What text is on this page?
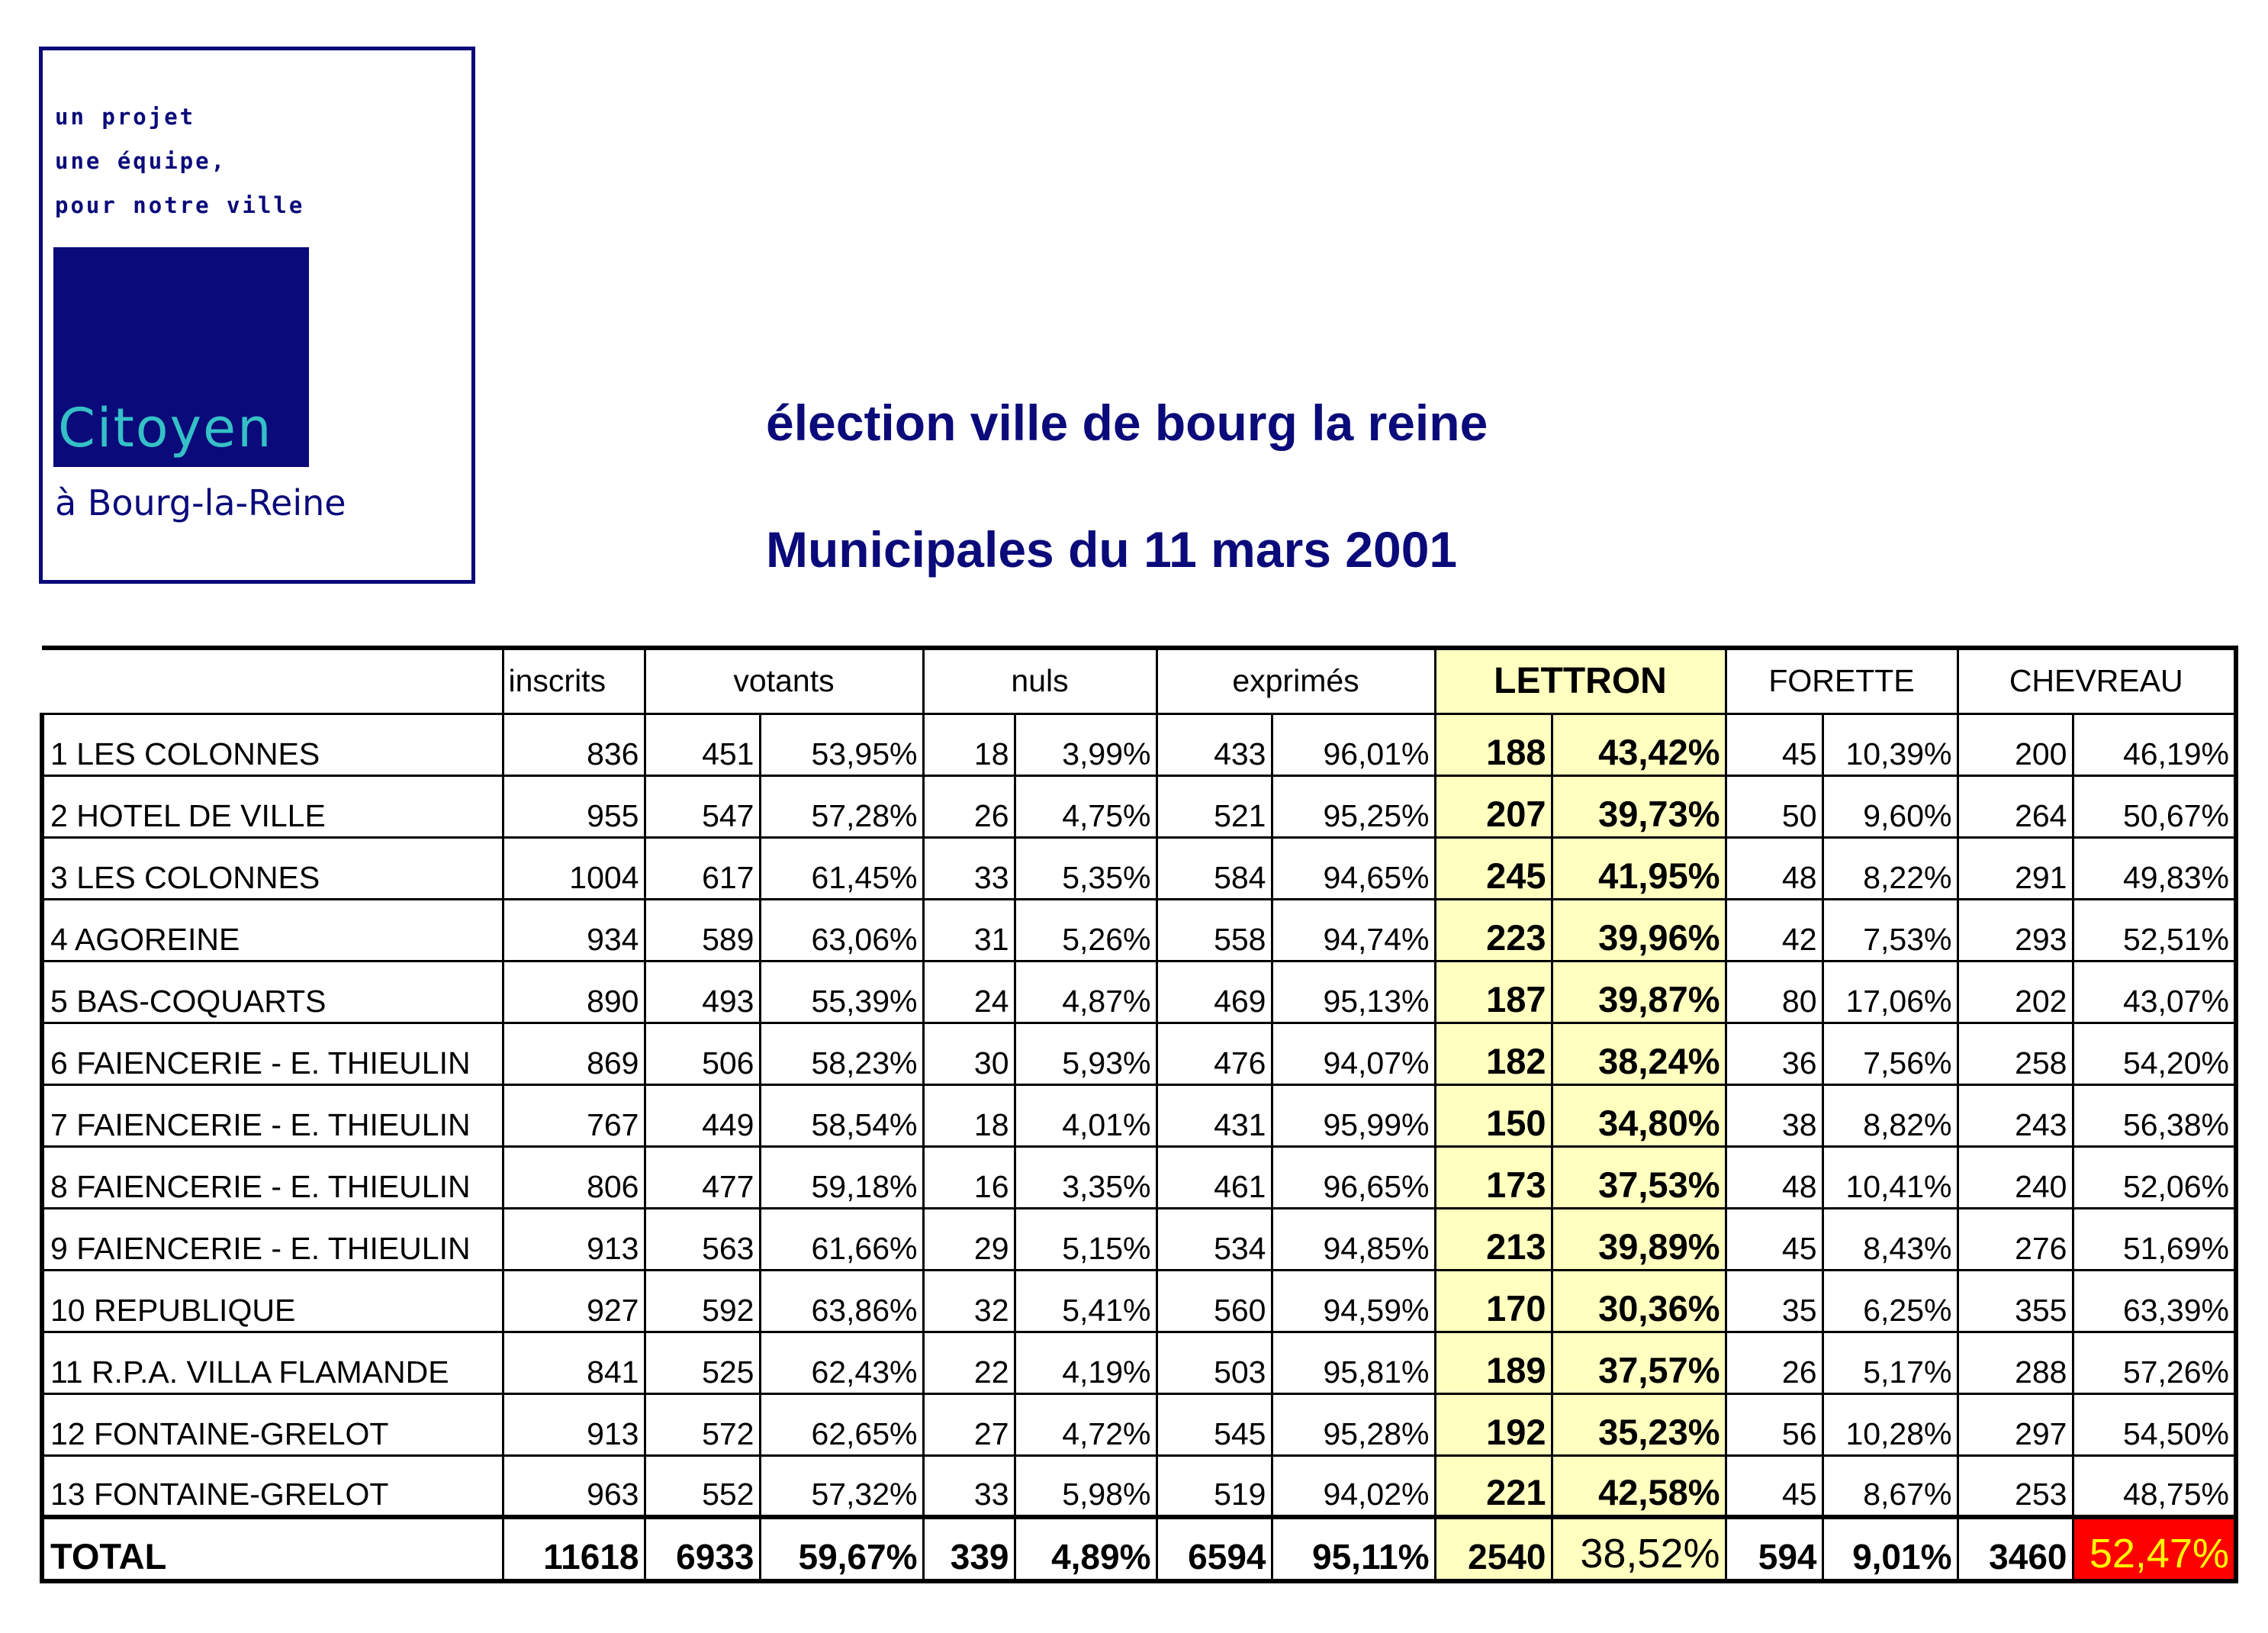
un projet
une équipe,
pour notre ville
Citoyen
à Bourg-la-Reine
élection ville de bourg la reine
Municipales du 11 mars 2001
	inscrits	votants		nuls		exprimés		LETTRON		FORETTE		CHEVREAU	
1 LES COLONNES	836	451	53,95%	18	3,99%	433	96,01%	188	43,42%	45	10,39%	200	46,19%
2 HOTEL DE VILLE	955	547	57,28%	26	4,75%	521	95,25%	207	39,73%	50	9,60%	264	50,67%
3 LES COLONNES	1004	617	61,45%	33	5,35%	584	94,65%	245	41,95%	48	8,22%	291	49,83%
4 AGOREINE	934	589	63,06%	31	5,26%	558	94,74%	223	39,96%	42	7,53%	293	52,51%
5 BAS-COQUARTS	890	493	55,39%	24	4,87%	469	95,13%	187	39,87%	80	17,06%	202	43,07%
6 FAIENCERIE - E. THIEULIN	869	506	58,23%	30	5,93%	476	94,07%	182	38,24%	36	7,56%	258	54,20%
7 FAIENCERIE - E. THIEULIN	767	449	58,54%	18	4,01%	431	95,99%	150	34,80%	38	8,82%	243	56,38%
8 FAIENCERIE - E. THIEULIN	806	477	59,18%	16	3,35%	461	96,65%	173	37,53%	48	10,41%	240	52,06%
9 FAIENCERIE - E. THIEULIN	913	563	61,66%	29	5,15%	534	94,85%	213	39,89%	45	8,43%	276	51,69%
10 REPUBLIQUE	927	592	63,86%	32	5,41%	560	94,59%	170	30,36%	35	6,25%	355	63,39%
11 R.P.A. VILLA FLAMANDE	841	525	62,43%	22	4,19%	503	95,81%	189	37,57%	26	5,17%	288	57,26%
12 FONTAINE-GRELOT	913	572	62,65%	27	4,72%	545	95,28%	192	35,23%	56	10,28%	297	54,50%
13 FONTAINE-GRELOT	963	552	57,32%	33	5,98%	519	94,02%	221	42,58%	45	8,67%	253	48,75%
TOTAL	11618	6933	59,67%	339	4,89%	6594	95,11%	2540	38,52%	594	9,01%	3460	52,47%
